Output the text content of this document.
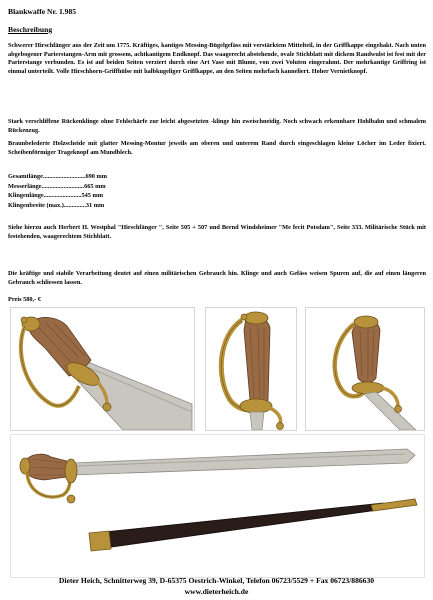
Blankwaffe Nr. 1.985
Beschreibung
Schwerer Hirschfänger aus der Zeit um 1775. Kräftiges, kantiges Messing-Bügelgefäss mit verstärktem Mittelteil, in der Griffkappe eingehakt. Nach unten abgebogener Parierstangen-Arm mit grossem, achtkantigem Endknopf. Das waagerecht abstehende, ovale Stichblatt mit dickem Randwulst ist fest mit der Parierstange verbunden. Es ist auf beiden Seiten verziert durch eine Art Vase mit Blume, von zwei Voluten eingerahmt. Der mehrkantige Griffring ist einmal unterteilt. Volle Hirschhorn-Griffhülse mit halbkugeliger Griffkappe, an den Seiten mehrfach kanneliert. Hoher Vernietknopf.
Stark verschliffene Rückenklinge ohne Fehlschärfe zur leicht abgesetzten -klinge hin zweischneidig. Noch schwach erkennbare Hohlbahn und schmalem Rückenzug.
Braunbelederte Holzscheide mit glatter Messing-Montur jeweils am oberen und unterem Rand durch eingeschlagen kleine Löcher im Leder fixiert. Scheibenförmiger Trageknopf am Mundblech.
Gesamtlänge...........................690 mm
Messerlänge...........................665 mm
Klingenlänge........................545 mm
Klingenbreite (max.)..............31 mm
Siehe hierzu auch Herbert H. Westphal "Hirschfänger ", Seite 505 + 507 und Bernd Windsheimer "Me fecit Potsdam", Seite 333. Militärische Stück mit festehenden, waagerechtem Stichblatt.
Die kräftige und stabile Verarbeitung deutet auf einen militärischen Gebrauch hin. Klinge und auch Gefäss weisen Spuren auf, die auf einen längeren Gebrauch schliessen lassen.
Preis 580,- €
Dieter Heich, Schnitterweg 39, D-65375 Oestrich-Winkel, Telefon 06723/5529 + Fax 06723/886630
www.dieterheich.de
